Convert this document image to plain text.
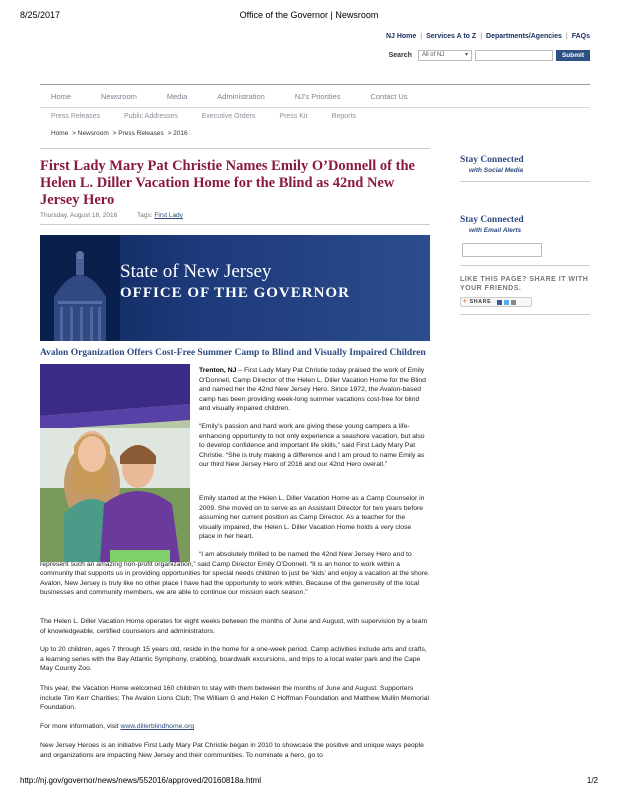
8/25/2017	Office of the Governor | Newsroom
NJ Home | Services A to Z | Departments/Agencies | FAQs
Search	All of NJ	▾	Submit
Home	Newsroom	Media	Administration	NJ's Priorities	Contact Us
Press Releases	Public Addresses	Executive Orders	Press Kit	Reports
Home > Newsroom > Press Releases > 2016
First Lady Mary Pat Christie Names Emily O’Donnell of the Helen L. Diller Vacation Home for the Blind as 42nd New Jersey Hero
Thursday, August 18, 2016	Tags: First Lady
State of New Jersey
OFFICE OF THE GOVERNOR
Avalon Organization Offers Cost-Free Summer Camp to Blind and Visually Impaired Children
Trenton, NJ – First Lady Mary Pat Christie today praised the work of Emily O’Donnell, Camp Director of the Helen L. Diller Vacation Home for the Blind and named her the 42nd New Jersey Hero. Since 1972, the Avalon-based camp has been providing week-long summer vacations cost-free for blind and visually impaired children.

“Emily’s passion and hard work are giving these young campers a life-enhancing opportunity to not only experience a seashore vacation, but also to develop confidence and important life skills,” said First Lady Mary Pat Christie. “She is truly making a difference and I am proud to name Emily as our third New Jersey Hero of 2016 and our 42nd Hero overall.”

Emily started at the Helen L. Diller Vacation Home as a Camp Counselor in 2009. She moved on to serve as an Assistant Director for two years before assuming her current position as Camp Director. As a teacher for the visually impaired, the Helen L. Diller Vacation Home holds a very close place in her heart.

“I am absolutely thrilled to be named the 42nd New Jersey Hero and to represent such an amazing non-profit organization,” said Camp Director Emily O’Donnell. “It is an honor to work within a community that supports us in providing opportunities for special needs children to just be ‘kids’ and enjoy a vacation at the shore. Avalon, New Jersey is truly like no other place I have had the opportunity to work within. Because of the generosity of the local businesses and community members, we are able to continue our mission each season.”

The Helen L. Diller Vacation Home operates for eight weeks between the months of June and August, with supervision by a team of knowledgeable, certified counselors and administrators.

Up to 20 children, ages 7 through 15 years old, reside in the home for a one-week period. Camp activities include arts and crafts, a learning series with the Bay Atlantic Symphony, crabbing, boardwalk excursions, and trips to a local water park and the Cape May County Zoo.

This year, the Vacation Home welcomed 160 children to stay with them between the months of June and August. Supporters include Tim Kerr Charities; The Avalon Lions Club; The William G and Helen C Hoffman Foundation and Matthew Mullin Memorial Foundation.

For more information, visit www.dillerblindhome.org

New Jersey Heroes is an initiative First Lady Mary Pat Christie began in 2010 to showcase the positive and unique ways people and organizations are impacting New Jersey and their communities. To nominate a hero, go to

Stay Connected
with Social Media
Stay Connected
with Email Alerts
LIKE THIS PAGE? SHARE IT WITH YOUR FRIENDS.
+ SHARE
http://nj.gov/governor/news/news/552016/approved/20160818a.html	1/2
